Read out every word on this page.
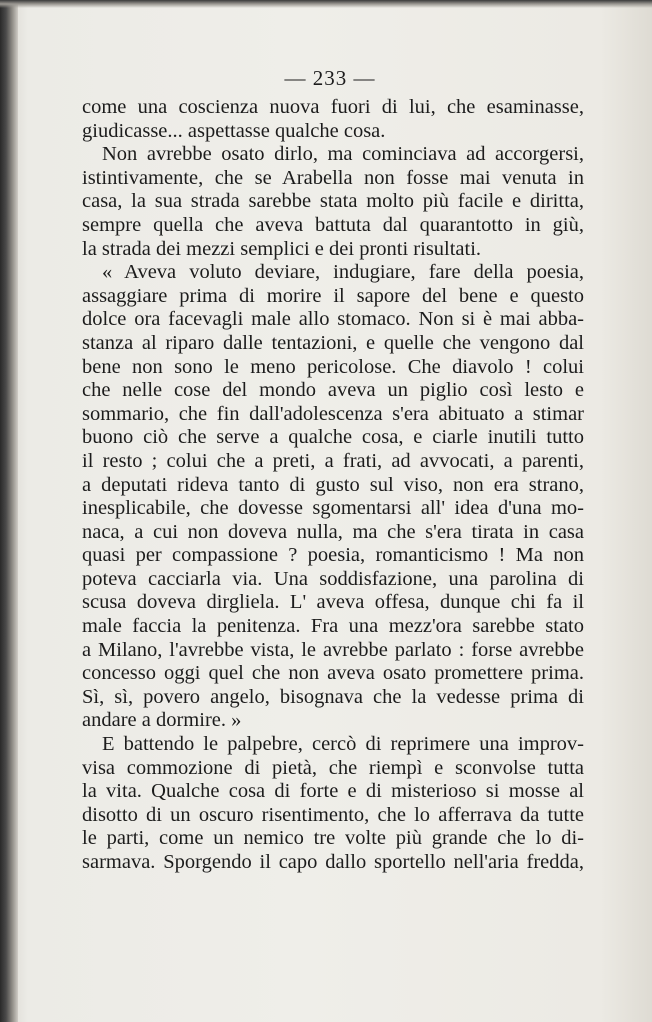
— 233 —
come una coscienza nuova fuori di lui, che esaminasse,
giudicasse... aspettasse qualche cosa.
Non avrebbe osato dirlo, ma cominciava ad accorgersi,
istintivamente, che se Arabella non fosse mai venuta in
casa, la sua strada sarebbe stata molto più facile e diritta,
sempre quella che aveva battuta dal quarantotto in giù,
la strada dei mezzi semplici e dei pronti risultati.
« Aveva voluto deviare, indugiare, fare della poesia,
assaggiare prima di morire il sapore del bene e questo
dolce ora facevagli male allo stomaco. Non si è mai abba-
stanza al riparo dalle tentazioni, e quelle che vengono dal
bene non sono le meno pericolose. Che diavolo ! colui
che nelle cose del mondo aveva un piglio così lesto e
sommario, che fin dall'adolescenza s'era abituato a stimar
buono ciò che serve a qualche cosa, e ciarle inutili tutto
il resto ; colui che a preti, a frati, ad avvocati, a parenti,
a deputati rideva tanto di gusto sul viso, non era strano,
inesplicabile, che dovesse sgomentarsi all' idea d'una mo-
naca, a cui non doveva nulla, ma che s'era tirata in casa
quasi per compassione ? poesia, romanticismo ! Ma non
poteva cacciarla via. Una soddisfazione, una parolina di
scusa doveva dirgliela. L' aveva offesa, dunque chi fa il
male faccia la penitenza. Fra una mezz'ora sarebbe stato
a Milano, l'avrebbe vista, le avrebbe parlato : forse avrebbe
concesso oggi quel che non aveva osato promettere prima.
Sì, sì, povero angelo, bisognava che la vedesse prima di
andare a dormire. »
E battendo le palpebre, cercò di reprimere una improv-
visa commozione di pietà, che riempì e sconvolse tutta
la vita. Qualche cosa di forte e di misterioso si mosse al
disotto di un oscuro risentimento, che lo afferrava da tutte
le parti, come un nemico tre volte più grande che lo di-
sarmava. Sporgendo il capo dallo sportello nell'aria fredda,
